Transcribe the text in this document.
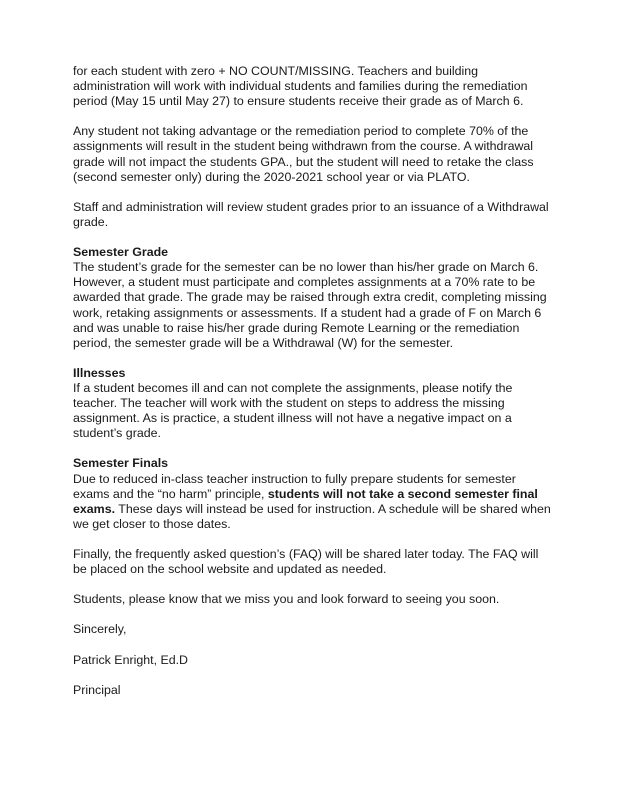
for each student with zero + NO COUNT/MISSING. Teachers and building administration will work with individual students and families during the remediation period (May 15 until May 27) to ensure students receive their grade as of March 6.

Any student not taking advantage or the remediation period to complete 70% of the assignments will result in the student being withdrawn from the course. A withdrawal grade will not impact the students GPA., but the student will need to retake the class (second semester only) during the 2020-2021 school year or via PLATO.

Staff and administration will review student grades prior to an issuance of a Withdrawal grade.

Semester Grade

The student’s grade for the semester can be no lower than his/her grade on March 6. However, a student must participate and completes assignments at a 70% rate to be awarded that grade. The grade may be raised through extra credit, completing missing work, retaking assignments or assessments. If a student had a grade of F on March 6 and was unable to raise his/her grade during Remote Learning or the remediation period, the semester grade will be a Withdrawal (W) for the semester.

Illnesses

If a student becomes ill and can not complete the assignments, please notify the teacher. The teacher will work with the student on steps to address the missing assignment. As is practice, a student illness will not have a negative impact on a student’s grade.

Semester Finals

Due to reduced in-class teacher instruction to fully prepare students for semester exams and the “no harm” principle, students will not take a second semester final exams. These days will instead be used for instruction. A schedule will be shared when we get closer to those dates.

Finally, the frequently asked question’s (FAQ) will be shared later today. The FAQ will be placed on the school website and updated as needed.

Students, please know that we miss you and look forward to seeing you soon.

Sincerely,

Patrick Enright, Ed.D

Principal
